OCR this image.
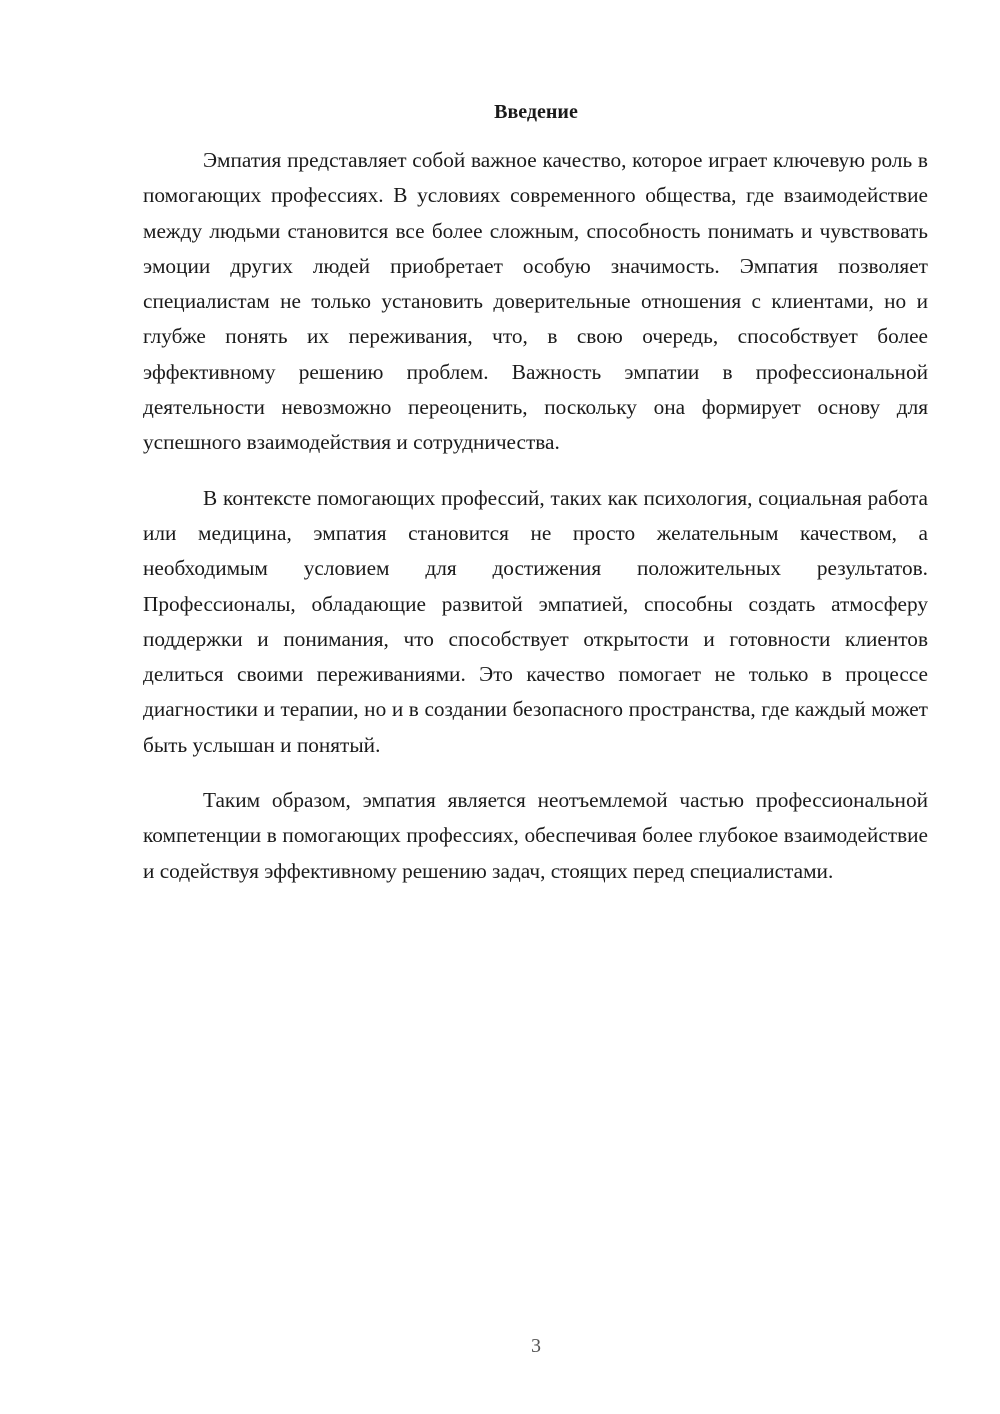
Введение

Эмпатия представляет собой важное качество, которое играет ключевую роль в помогающих профессиях. В условиях современного общества, где взаимодействие между людьми становится все более сложным, способность понимать и чувствовать эмоции других людей приобретает особую значимость. Эмпатия позволяет специалистам не только установить доверительные отношения с клиентами, но и глубже понять их переживания, что, в свою очередь, способствует более эффективному решению проблем. Важность эмпатии в профессиональной деятельности невозможно переоценить, поскольку она формирует основу для успешного взаимодействия и сотрудничества.

В контексте помогающих профессий, таких как психология, социальная работа или медицина, эмпатия становится не просто желательным качеством, а необходимым условием для достижения положительных результатов. Профессионалы, обладающие развитой эмпатией, способны создать атмосферу поддержки и понимания, что способствует открытости и готовности клиентов делиться своими переживаниями. Это качество помогает не только в процессе диагностики и терапии, но и в создании безопасного пространства, где каждый может быть услышан и понятый.

Таким образом, эмпатия является неотъемлемой частью профессиональной компетенции в помогающих профессиях, обеспечивая более глубокое взаимодействие и содействуя эффективному решению задач, стоящих перед специалистами.

3
